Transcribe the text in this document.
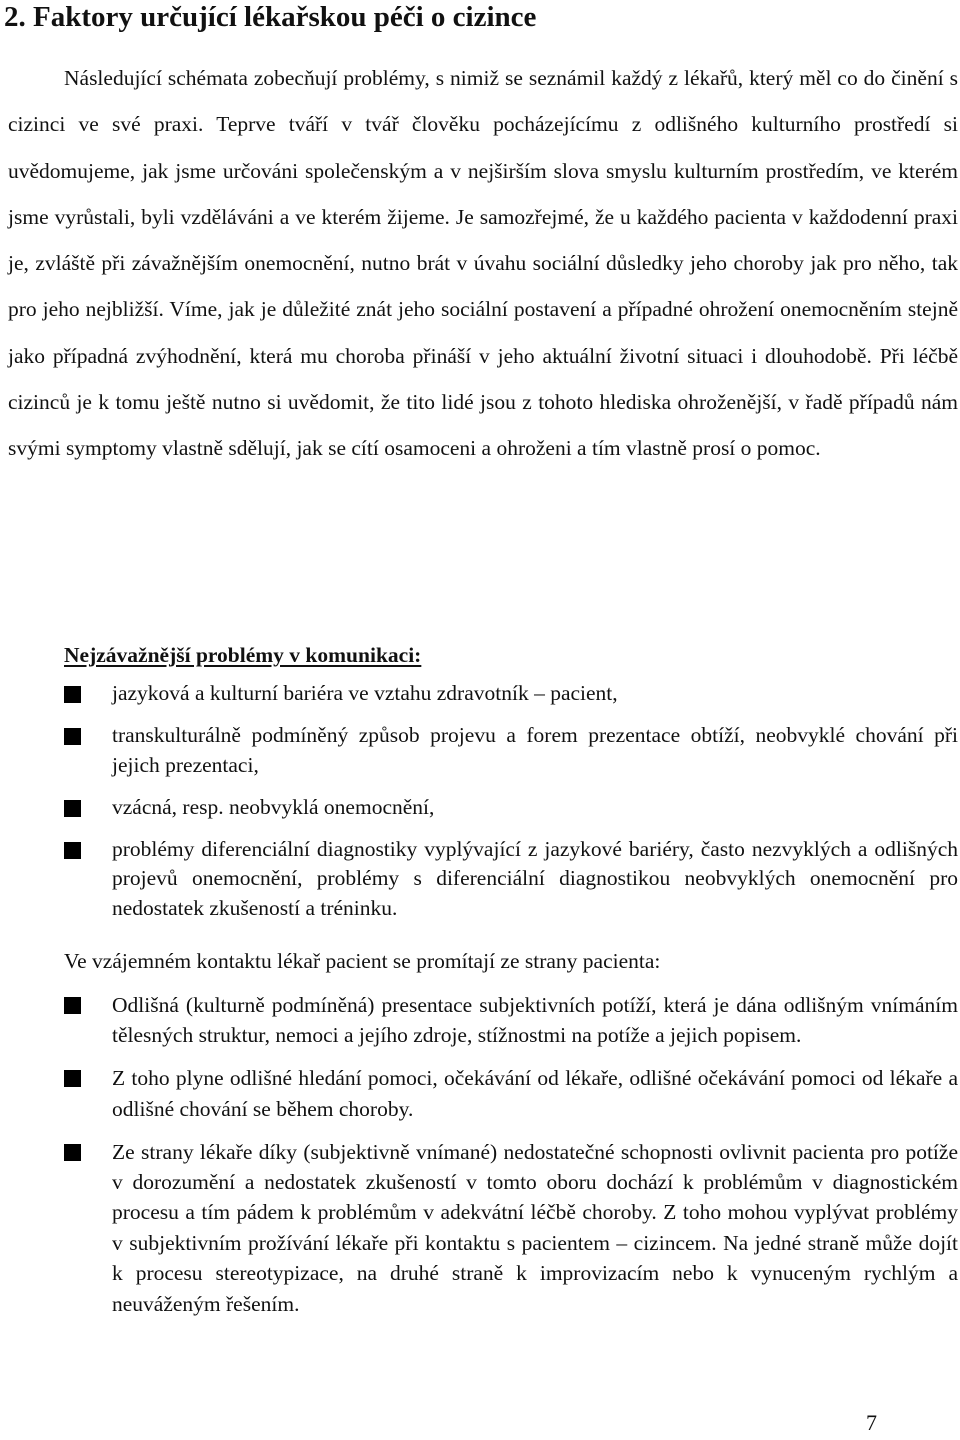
2. Faktory určující lékařskou péči o cizince

Následující schémata zobecňují problémy, s nimiž se seznámil každý z lékařů, který měl co do činění s cizinci ve své praxi. Teprve tváří v tvář člověku pocházejícímu z odlišného kulturního prostředí si uvědomujeme, jak jsme určováni společenským a v nejširším slova smyslu kulturním prostředím, ve kterém jsme vyrůstali, byli vzděláváni a ve kterém žijeme. Je samozřejmé, že u každého pacienta v každodenní praxi je, zvláště při závažnějším onemocnění, nutno brát v úvahu sociální důsledky jeho choroby jak pro něho, tak pro jeho nejbližší. Víme, jak je důležité znát jeho sociální postavení a případné ohrožení onemocněním stejně jako případná zvýhodnění, která mu choroba přináší v jeho aktuální životní situaci i dlouhodobě. Při léčbě cizinců je k tomu ještě nutno si uvědomit, že tito lidé jsou z tohoto hlediska ohroženější, v řadě případů nám svými symptomy vlastně sdělují, jak se cítí osamoceni a ohroženi a tím vlastně prosí o pomoc.

Nejzávažnější problémy v komunikaci:

jazyková a kulturní bariéra ve vztahu zdravotník – pacient,
transkulturálně podmíněný způsob projevu a forem prezentace obtíží, neobvyklé chování při jejich prezentaci,
vzácná, resp. neobvyklá onemocnění,
problémy diferenciální diagnostiky vyplývající z jazykové bariéry, často nezvyklých a odlišných projevů onemocnění, problémy s diferenciální diagnostikou neobvyklých onemocnění pro nedostatek zkušeností a tréninku.

Ve vzájemném kontaktu lékař pacient se promítají ze strany pacienta:

Odlišná (kulturně podmíněná) presentace subjektivních potíží, která je dána odlišným vnímáním tělesných struktur, nemoci a jejího zdroje, stížnostmi na potíže a jejich popisem.
Z toho plyne odlišné hledání pomoci, očekávání od lékaře, odlišné očekávání pomoci od lékaře a odlišné chování se během choroby.
Ze strany lékaře díky (subjektivně vnímané) nedostatečné schopnosti ovlivnit pacienta pro potíže v dorozumění a nedostatek zkušeností v tomto oboru dochází k problémům v diagnostickém procesu a tím pádem k problémům v adekvátní léčbě choroby. Z toho mohou vyplývat problémy v subjektivním prožívání lékaře při kontaktu s pacientem – cizincem. Na jedné straně může dojít k procesu stereotypizace, na druhé straně k improvizacím nebo k vynuceným rychlým a neuváženým řešením.
7
